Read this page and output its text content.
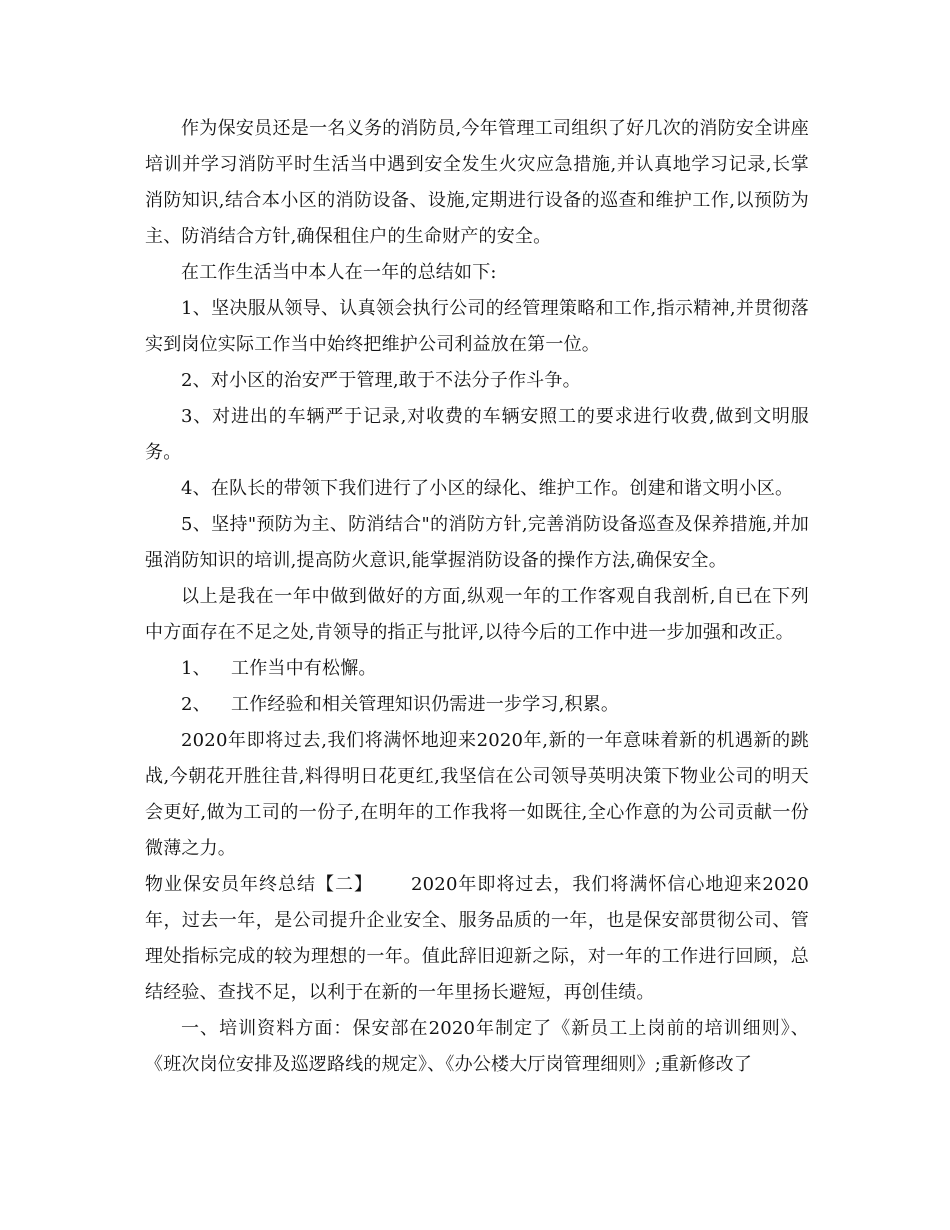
作为保安员还是一名义务的消防员,今年管理工司组织了好几次的消防安全讲座培训并学习消防平时生活当中遇到安全发生火灾应急措施,并认真地学习记录,长掌消防知识,结合本小区的消防设备、设施,定期进行设备的巡查和维护工作,以预防为主、防消结合方针,确保租住户的生命财产的安全。

在工作生活当中本人在一年的总结如下:

1、坚决服从领导、认真领会执行公司的经管理策略和工作,指示精神,并贯彻落实到岗位实际工作当中始终把维护公司利益放在第一位。

2、对小区的治安严于管理,敢于不法分子作斗争。

3、对进出的车辆严于记录,对收费的车辆安照工的要求进行收费,做到文明服务。

4、在队长的带领下我们进行了小区的绿化、维护工作。创建和谐文明小区。

5、坚持"预防为主、防消结合"的消防方针,完善消防设备巡查及保养措施,并加强消防知识的培训,提高防火意识,能掌握消防设备的操作方法,确保安全。

以上是我在一年中做到做好的方面,纵观一年的工作客观自我剖析,自已在下列中方面存在不足之处,肯领导的指正与批评,以待今后的工作中进一步加强和改正。

1、 工作当中有松懈。

2、 工作经验和相关管理知识仍需进一步学习,积累。

2020年即将过去,我们将满怀地迎来2020年,新的一年意味着新的机遇新的跳战,今朝花开胜往昔,料得明日花更红,我坚信在公司领导英明决策下物业公司的明天会更好,做为工司的一份子,在明年的工作我将一如既往,全心作意的为公司贡献一份微薄之力。

物业保安员年终总结【二】 2020年即将过去，我们将满怀信心地迎来2020年，过去一年，是公司提升企业安全、服务品质的一年，也是保安部贯彻公司、管理处指标完成的较为理想的一年。值此辞旧迎新之际，对一年的工作进行回顾，总结经验、查找不足，以利于在新的一年里扬长避短，再创佳绩。

一、培训资料方面：保安部在2020年制定了《新员工上岗前的培训细则》、《班次岗位安排及巡逻路线的规定》、《办公楼大厅岗管理细则》;重新修改了
